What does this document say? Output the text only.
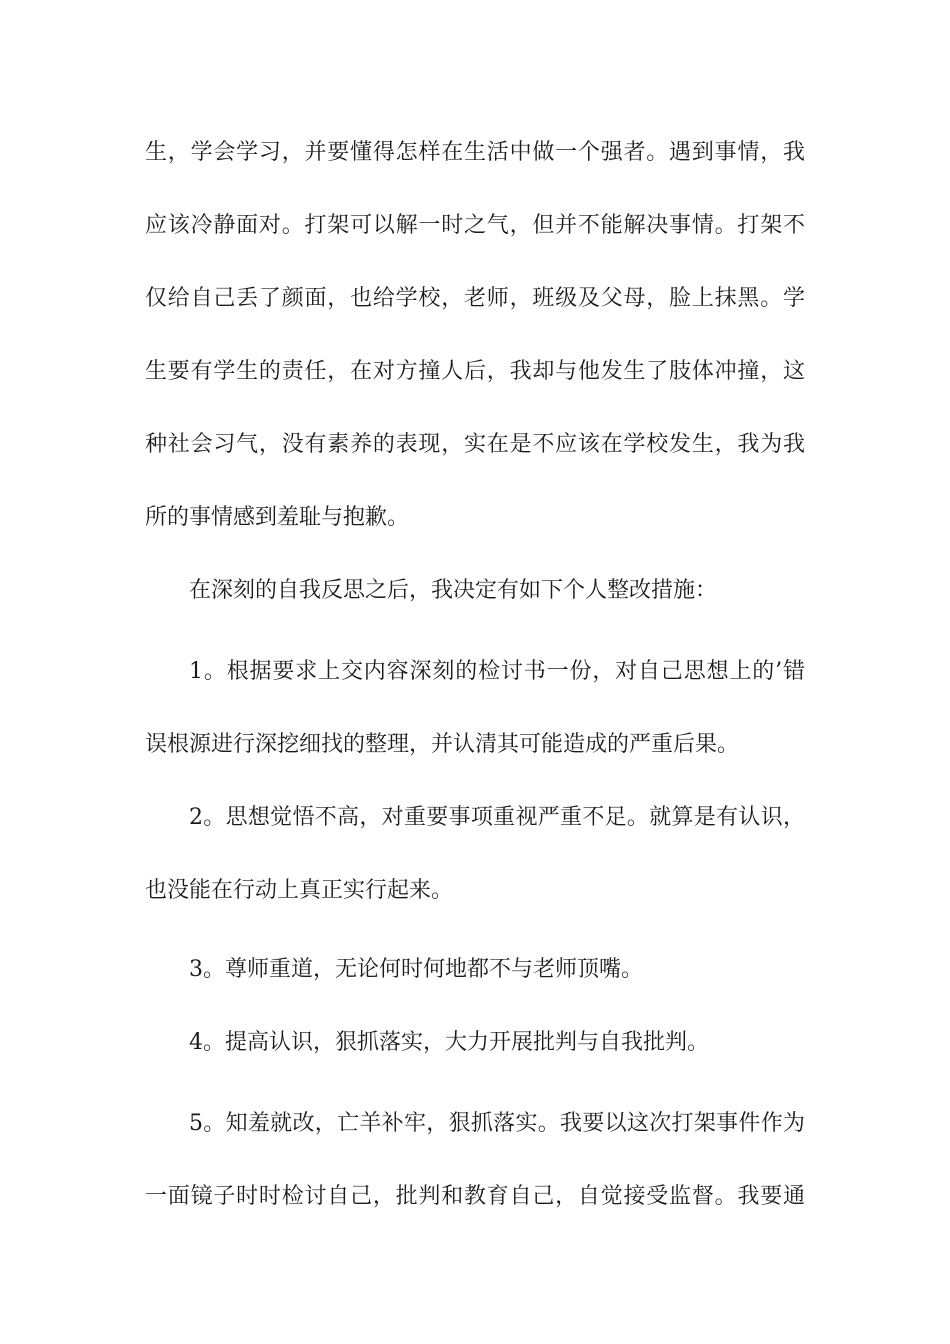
生，学会学习，并要懂得怎样在生活中做一个强者。遇到事情，我
应该冷静面对。打架可以解一时之气，但并不能解决事情。打架不
仅给自己丢了颜面，也给学校，老师，班级及父母，脸上抹黑。学
生要有学生的责任，在对方撞人后，我却与他发生了肢体冲撞，这
种社会习气，没有素养的表现，实在是不应该在学校发生，我为我
所的事情感到羞耻与抱歉。
在深刻的自我反思之后，我决定有如下个人整改措施：
1。根据要求上交内容深刻的检讨书一份，对自己思想上的’错
误根源进行深挖细找的整理，并认清其可能造成的严重后果。
2。思想觉悟不高，对重要事项重视严重不足。就算是有认识，
也没能在行动上真正实行起来。
3。尊师重道，无论何时何地都不与老师顶嘴。
4。提高认识，狠抓落实，大力开展批判与自我批判。
5。知羞就改，亡羊补牢，狠抓落实。我要以这次打架事件作为
一面镜子时时检讨自己，批判和教育自己，自觉接受监督。我要通
